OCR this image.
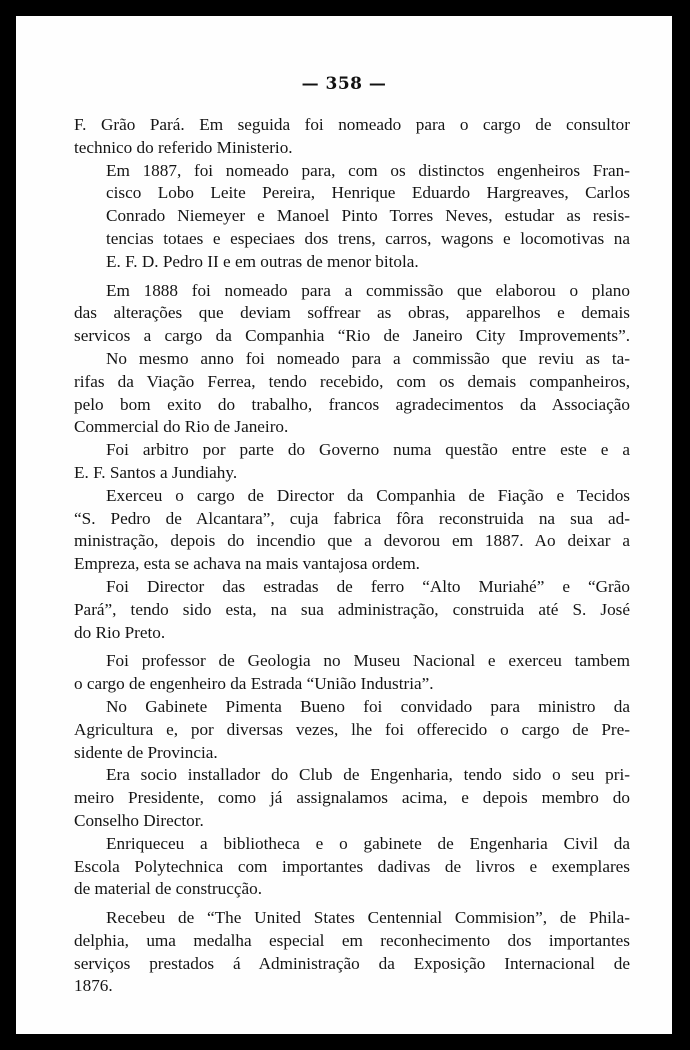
— 358 —

F. Grão Pará. Em seguida foi nomeado para o cargo de consultor
technico do referido Ministerio.

Em 1887, foi nomeado para, com os distinctos engenheiros Fran-
cisco Lobo Leite Pereira, Henrique Eduardo Hargreaves, Carlos
Conrado Niemeyer e Manoel Pinto Torres Neves, estudar as resis-
tencias totaes e especiaes dos trens, carros, wagons e locomotivas na
E. F. D. Pedro II e em outras de menor bitola.

Em 1888 foi nomeado para a commissão que elaborou o plano
das alterações que deviam soffrear as obras, apparelhos e demais
servicos a cargo da Companhia “Rio de Janeiro City Improvements”.

No mesmo anno foi nomeado para a commissão que reviu as ta-
rifas da Viação Ferrea, tendo recebido, com os demais companheiros,
pelo bom exito do trabalho, francos agradecimentos da Associação
Commercial do Rio de Janeiro.

Foi arbitro por parte do Governo numa questão entre este e a
E. F. Santos a Jundiahy.

Exerceu o cargo de Director da Companhia de Fiação e Tecidos
“S. Pedro de Alcantara”, cuja fabrica fôra reconstruida na sua ad-
ministração, depois do incendio que a devorou em 1887. Ao deixar a
Empreza, esta se achava na mais vantajosa ordem.

Foi Director das estradas de ferro “Alto Muriahé” e “Grão
Pará”, tendo sido esta, na sua administração, construida até S. José
do Rio Preto.

Foi professor de Geologia no Museu Nacional e exerceu tambem
o cargo de engenheiro da Estrada “União Industria”.

No Gabinete Pimenta Bueno foi convidado para ministro da
Agricultura e, por diversas vezes, lhe foi offerecido o cargo de Pre-
sidente de Provincia.

Era socio installador do Club de Engenharia, tendo sido o seu pri-
meiro Presidente, como já assignalamos acima, e depois membro do
Conselho Director.

Enriqueceu a bibliotheca e o gabinete de Engenharia Civil da
Escola Polytechnica com importantes dadivas de livros e exemplares
de material de construcção.

Recebeu de “The United States Centennial Commision”, de Phila-
delphia, uma medalha especial em reconhecimento dos importantes
serviços prestados á Administração da Exposição Internacional de
1876.
